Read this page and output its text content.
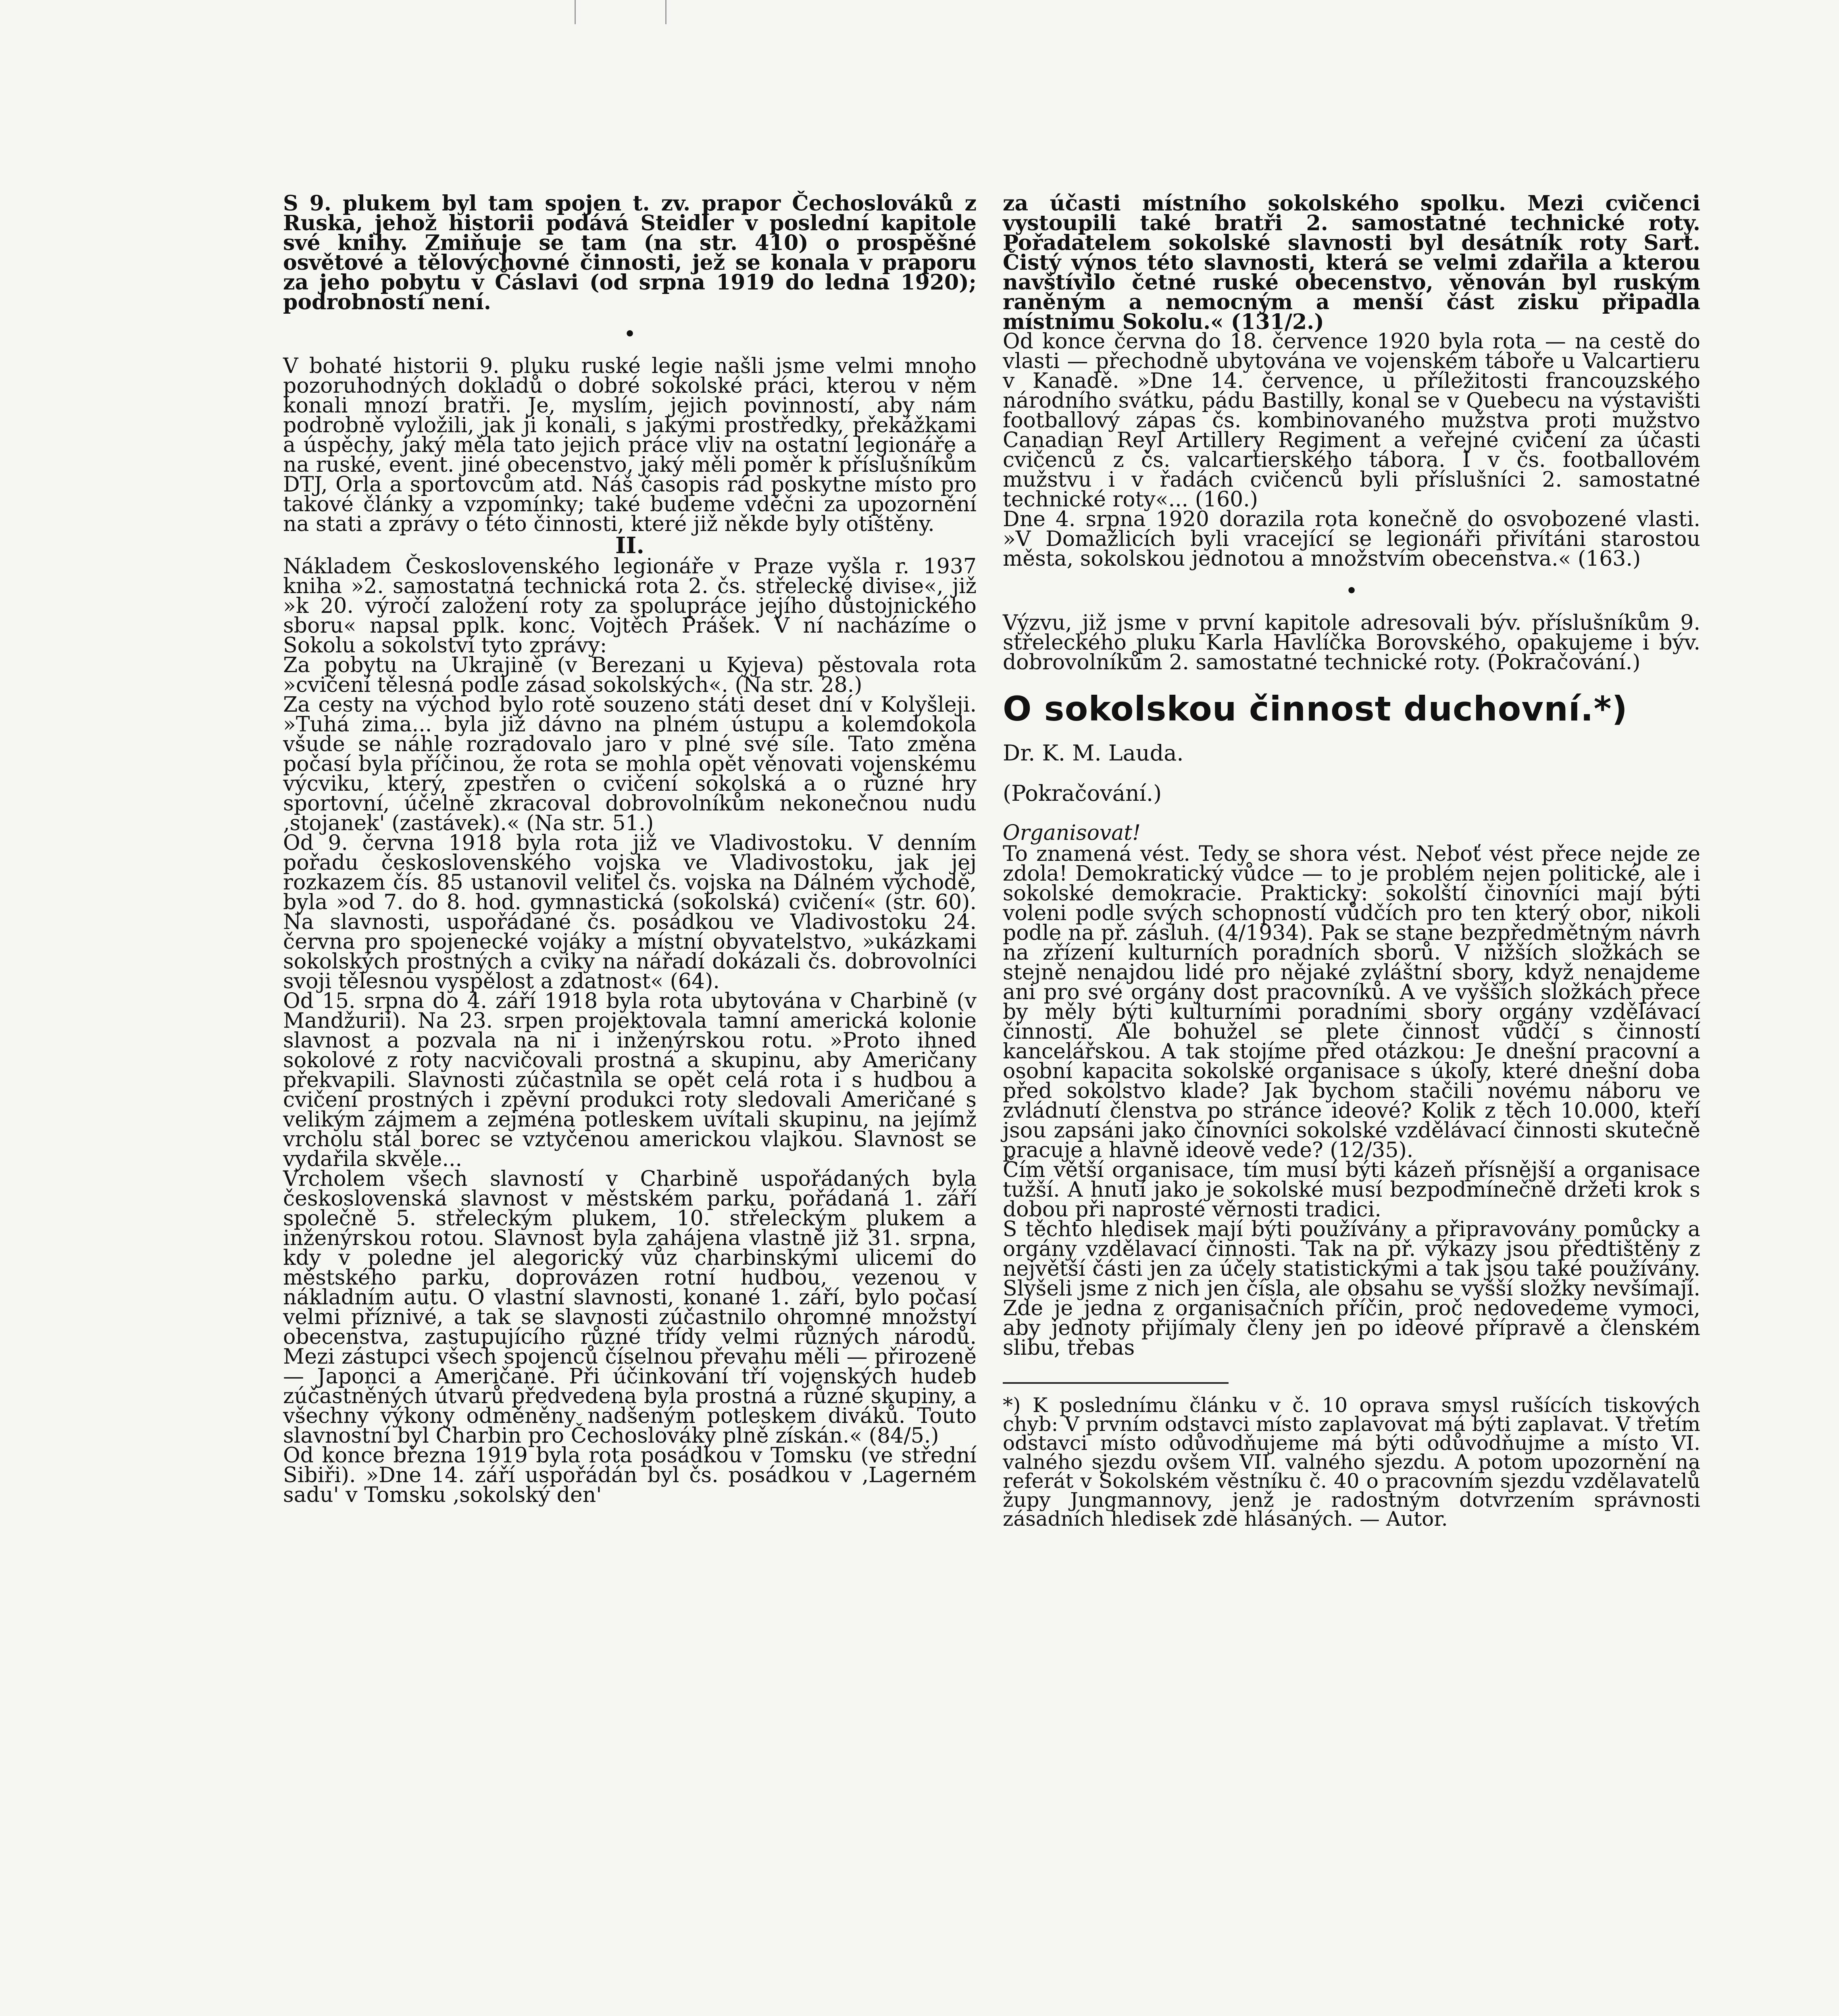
S 9. plukem byl tam spojen t. zv. prapor Čechoslováků z Ruska, jehož historii podává Steidler v poslední kapitole své knihy. Zmiňuje se tam (na str. 410) o prospěšné osvětové a tělovýchovné činnosti, jež se konala v praporu za jeho pobytu v Čáslavi (od srpna 1919 do ledna 1920); podrobností není.

•

V bohaté historii 9. pluku ruské legie našli jsme velmi mnoho pozoruhodných dokladů o dobré sokolské práci, kterou v něm konali mnozí bratři. Je, myslím, jejich povinností, aby nám podrobně vyložili, jak ji konali, s jakými prostředky, překážkami a úspěchy, jaký měla tato jejich práce vliv na ostatní legionáře a na ruské, event. jiné obecenstvo, jaký měli poměr k příslušníkům DTJ, Orla a sportovcům atd. Náš časopis rád poskytne místo pro takové články a vzpomínky; také budeme vděčni za upozornění na stati a zprávy o této činnosti, které již někde byly otištěny.

II.

Nákladem Československého legionáře v Praze vyšla r. 1937 kniha »2. samostatná technická rota 2. čs. střelecké divise«, již »k 20. výročí založení roty za spolupráce jejího důstojnického sboru« napsal pplk. konc. Vojtěch Prášek. V ní nacházíme o Sokolu a sokolství tyto zprávy:

Za pobytu na Ukrajině (v Berezani u Kyjeva) pěstovala rota »cvičení tělesná podle zásad sokolských«. (Na str. 28.)

Za cesty na východ bylo rotě souzeno státi deset dní v Kolyšleji. »Tuhá zima... byla již dávno na plném ústupu a kolemdokola všude se náhle rozradovalo jaro v plné své síle. Tato změna počasí byla příčinou, že rota se mohla opět věnovati vojenskému výcviku, který, zpestřen o cvičení sokolská a o různé hry sportovní, účelně zkracoval dobrovolníkům nekonečnou nudu ‚stojanek' (zastávek).« (Na str. 51.)

Od 9. června 1918 byla rota již ve Vladivostoku. V denním pořadu československého vojska ve Vladivostoku, jak jej rozkazem čís. 85 ustanovil velitel čs. vojska na Dálném východě, byla »od 7. do 8. hod. gymnastická (sokolská) cvičení« (str. 60). Na slavnosti, uspořádané čs. posádkou ve Vladivostoku 24. června pro spojenecké vojáky a místní obyvatelstvo, »ukázkami sokolských prostných a cviky na nářadí dokázali čs. dobrovolníci svoji tělesnou vyspělost a zdatnost« (64).

Od 15. srpna do 4. září 1918 byla rota ubytována v Charbině (v Mandžurii). Na 23. srpen projektovala tamní americká kolonie slavnost a pozvala na ni i inženýrskou rotu. »Proto ihned sokolové z roty nacvičovali prostná a skupinu, aby Američany překvapili. Slavnosti zúčastnila se opět celá rota i s hudbou a cvičení prostných i zpěvní produkci roty sledovali Američané s velikým zájmem a zejména potleskem uvítali skupinu, na jejímž vrcholu stál borec se vztyčenou americkou vlajkou. Slavnost se vydařila skvěle...

Vrcholem všech slavností v Charbině uspořádaných byla československá slavnost v městském parku, pořádaná 1. září společně 5. střeleckým plukem, 10. střeleckým plukem a inženýrskou rotou. Slavnost byla zahájena vlastně již 31. srpna, kdy v poledne jel alegorický vůz charbinskými ulicemi do městského parku, doprovázen rotní hudbou, vezenou v nákladním autu. O vlastní slavnosti, konané 1. září, bylo počasí velmi příznivé, a tak se slavnosti zúčastnilo ohromné množství obecenstva, zastupujícího různé třídy velmi různých národů. Mezi zástupci všech spojenců číselnou převahu měli — přirozeně — Japonci a Američané. Při účinkování tří vojenských hudeb zúčastněných útvarů předvedena byla prostná a různé skupiny, a všechny výkony odměněny nadšeným potleskem diváků. Touto slavnostní byl Charbin pro Čechoslováky plně získán.« (84/5.)

Od konce března 1919 byla rota posádkou v Tomsku (ve střední Sibiři). »Dne 14. září uspořádán byl čs. posádkou v ‚Lagerném sadu' v Tomsku ‚sokolský den'

za účasti místního sokolského spolku. Mezi cvičenci vystoupili také bratři 2. samostatné technické roty. Pořadatelem sokolské slavnosti byl desátník roty Sart. Čistý výnos této slavnosti, která se velmi zdařila a kterou navštívilo četné ruské obecenstvo, věnován byl ruským raněným a nemocným a menší část zisku připadla místnímu Sokolu.« (131/2.)

Od konce června do 18. července 1920 byla rota — na cestě do vlasti — přechodně ubytována ve vojenském táboře u Valcartieru v Kanadě. »Dne 14. července, u příležitosti francouzského národního svátku, pádu Bastilly, konal se v Quebecu na výstavišti footballový zápas čs. kombinovaného mužstva proti mužstvo Canadian Reyl Artillery Regiment a veřejné cvičení za účasti cvičenců z čs. valcartierského tábora. I v čs. footballovém mužstvu i v řadách cvičenců byli příslušníci 2. samostatné technické roty«... (160.)

Dne 4. srpna 1920 dorazila rota konečně do osvobozené vlasti. »V Domažlicích byli vracející se legionáři přivítáni starostou města, sokolskou jednotou a množstvím obecenstva.« (163.)

•

Výzvu, již jsme v první kapitole adresovali býv. příslušníkům 9. střeleckého pluku Karla Havlíčka Borovského, opakujeme i býv. dobrovolníkům 2. samostatné technické roty. (Pokračování.)

O sokolskou činnost duchovní.*)
Dr. K. M. Lauda.
(Pokračování.)
Organisovat!

To znamená vést. Tedy se shora vést. Neboť vést přece nejde ze zdola! Demokratický vůdce — to je problém nejen politické, ale i sokolské demokracie. Prakticky: sokolští činovníci mají býti voleni podle svých schopností vůdčích pro ten který obor, nikoli podle na př. zásluh. (4/1934). Pak se stane bezpředmětným návrh na zřízení kulturních poradních sborů. V nižších složkách se stejně nenajdou lidé pro nějaké zvláštní sbory, když nenajdeme ani pro své orgány dost pracovníků. A ve vyšších složkách přece by měly býti kulturními poradními sbory orgány vzdělávací činnosti. Ale bohužel se plete činnost vůdčí s činností kancelářskou. A tak stojíme před otázkou: Je dnešní pracovní a osobní kapacita sokolské organisace s úkoly, které dnešní doba před sokolstvo klade? Jak bychom stačili novému náboru ve zvládnutí členstva po stránce ideové? Kolik z těch 10.000, kteří jsou zapsáni jako činovníci sokolské vzdělávací činnosti skutečně pracuje a hlavně ideově vede? (12/35).

Čím větší organisace, tím musí býti kázeň přísnější a organisace tužší. A hnutí jako je sokolské musí bezpodmínečně držeti krok s dobou při naprosté věrnosti tradici.

S těchto hledisek mají býti používány a připravovány pomůcky a orgány vzdělavací činnosti. Tak na př. výkazy jsou předtištěny z největší části jen za účely statistickými a tak jsou také používány. Slyšeli jsme z nich jen čísla, ale obsahu se vyšší složky nevšímají. Zde je jedna z organisačních příčin, proč nedovedeme vymoci, aby jednoty přijímaly členy jen po ideové přípravě a členském slibu, třebas

*) K poslednímu článku v č. 10 oprava smysl rušících tiskových chyb: V prvním odstavci místo zaplavovat má býti zaplavat. V třetím odstavci místo odůvodňujeme má býti odůvodňujme a místo VI. valného sjezdu ovšem VII. valného sjezdu. A potom upozornění na referát v Sokolském věstníku č. 40 o pracovním sjezdu vzdělavatelů župy Jungmannovy, jenž je radostným dotvrzením správnosti zásadních hledisek zde hlásaných. — Autor.
